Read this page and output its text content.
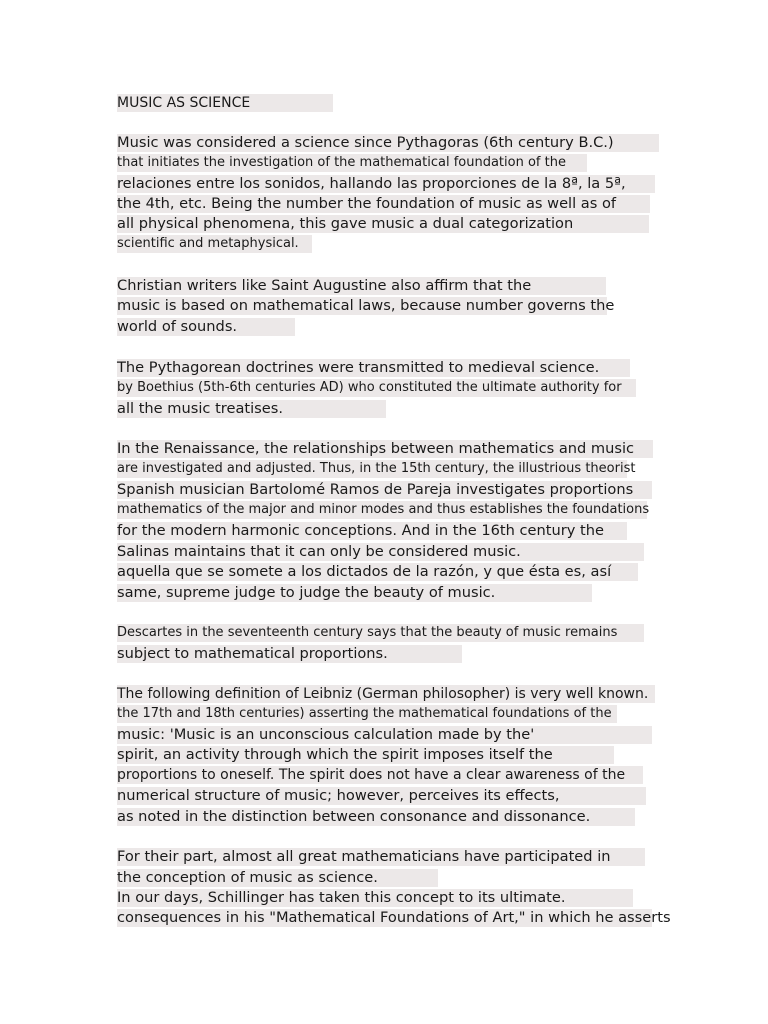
MUSIC AS SCIENCE
Music was considered a science since Pythagoras (6th century B.C.)
that initiates the investigation of the mathematical foundation of the
relaciones entre los sonidos, hallando las proporciones de la 8ª, la 5ª,
the 4th, etc. Being the number the foundation of music as well as of
all physical phenomena, this gave music a dual categorization
scientific and metaphysical.
Christian writers like Saint Augustine also affirm that the
music is based on mathematical laws, because number governs the
world of sounds.
The Pythagorean doctrines were transmitted to medieval science.
by Boethius (5th-6th centuries AD) who constituted the ultimate authority for
all the music treatises.
In the Renaissance, the relationships between mathematics and music
are investigated and adjusted. Thus, in the 15th century, the illustrious theorist
Spanish musician Bartolomé Ramos de Pareja investigates proportions
mathematics of the major and minor modes and thus establishes the foundations
for the modern harmonic conceptions. And in the 16th century the
Salinas maintains that it can only be considered music.
aquella que se somete a los dictados de la razón, y que ésta es, así
same, supreme judge to judge the beauty of music.
Descartes in the seventeenth century says that the beauty of music remains
subject to mathematical proportions.
The following definition of Leibniz (German philosopher) is very well known.
the 17th and 18th centuries) asserting the mathematical foundations of the
music: 'Music is an unconscious calculation made by the'
spirit, an activity through which the spirit imposes itself the
proportions to oneself. The spirit does not have a clear awareness of the
numerical structure of music; however, perceives its effects,
as noted in the distinction between consonance and dissonance.
For their part, almost all great mathematicians have participated in
the conception of music as science.
In our days, Schillinger has taken this concept to its ultimate.
consequences in his "Mathematical Foundations of Art," in which he asserts
